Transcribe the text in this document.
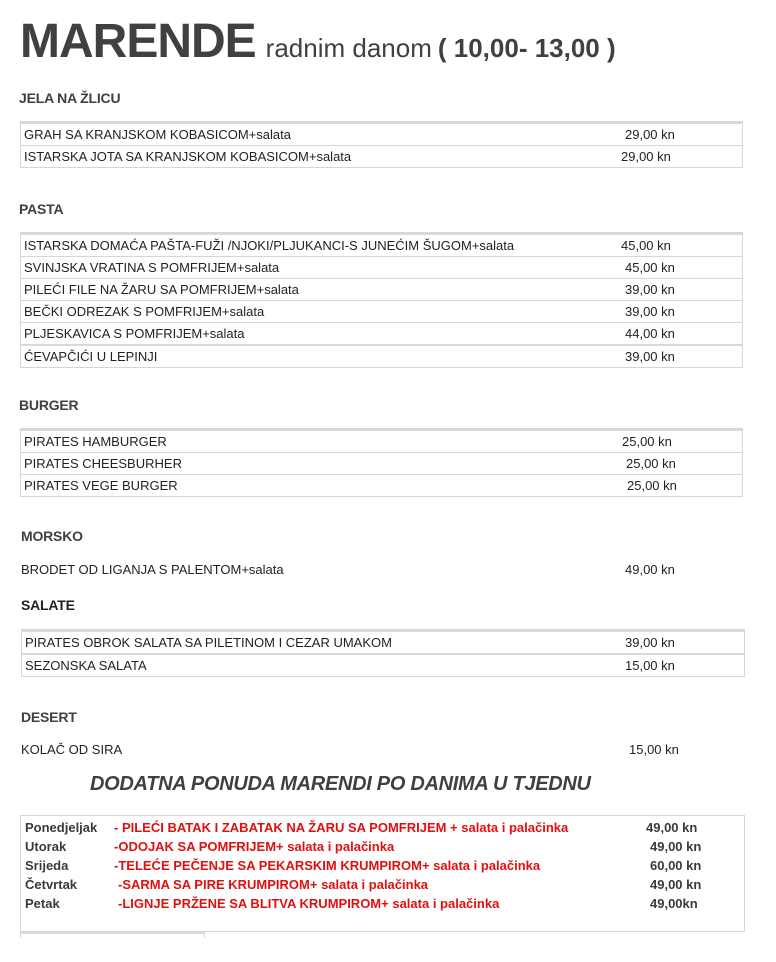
MARENDE radnim danom ( 10,00- 13,00 )
JELA NA ŽLICU
GRAH SA KRANJSKOM KOBASICOM+salata	29,00 kn
ISTARSKA JOTA SA KRANJSKOM KOBASICOM+salata	29,00 kn
PASTA
ISTARSKA DOMAĆA PAŠTA-FUŽI /NJOKI/PLJUKANCI-S JUNEĆIM ŠUGOM+salata	45,00 kn
SVINJSKA VRATINA S POMFRIJEM+salata	45,00 kn
PILEĆI FILE NA ŽARU SA POMFRIJEM+salata	39,00 kn
BEČKI ODREZAK S POMFRIJEM+salata	39,00 kn
PLJESKAVICA S POMFRIJEM+salata	44,00 kn
ĆEVAPČIĆI U LEPINJI	39,00 kn
BURGER
PIRATES HAMBURGER	25,00 kn
PIRATES CHEESBURHER	25,00 kn
PIRATES VEGE BURGER	25,00 kn
MORSKO
BRODET OD LIGANJA S PALENTOM+salata	49,00 kn
SALATE
PIRATES OBROK SALATA SA PILETINOM I CEZAR UMAKOM	39,00 kn
SEZONSKA SALATA	15,00 kn
DESERT
KOLAČ OD SIRA	15,00 kn
DODATNA PONUDA MARENDI PO DANIMA U TJEDNU
Ponedjeljak - PILEĆI BATAK I ZABATAK NA ŽARU SA POMFRIJEM + salata i palačinka	49,00 kn
Utorak	-ODOJAK SA POMFRIJEM+ salata i palačinka	49,00 kn
Srijeda	-TELEĆE PEČENJE SA PEKARSKIM KRUMPIROM+ salata i palačinka	60,00 kn
Četvrtak	-SARMA SA PIRE KRUMPIROM+ salata i palačinka	49,00 kn
Petak	-LIGNJE PRŽENE SA BLITVA KRUMPIROM+ salata i palačinka	49,00kn
